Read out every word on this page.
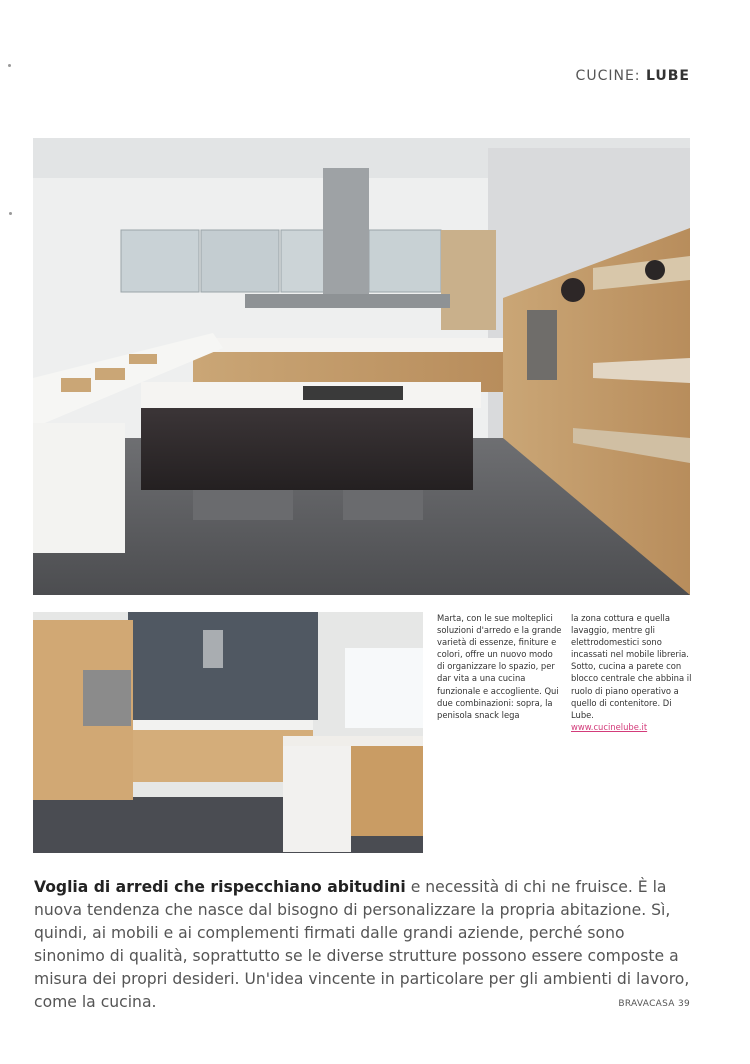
CUCINE: LUBE
Marta, con le sue molteplici soluzioni d'arredo e la grande varietà di essenze, finiture e colori, offre un nuovo modo di organizzare lo spazio, per dar vita a una cucina funzionale e accogliente. Qui due combinazioni: sopra, la penisola snack lega
la zona cottura e quella lavaggio, mentre gli elettrodomestici sono incassati nel mobile libreria. Sotto, cucina a parete con blocco centrale che abbina il ruolo di piano operativo a quello di contenitore. Di Lube.
www.cucinelube.it
Voglia di arredi che rispecchiano abitudini e necessità di chi ne fruisce. È la nuova tendenza che nasce dal bisogno di personalizzare la propria abitazione. Sì, quindi, ai mobili e ai complementi firmati dalle grandi aziende, perché sono sinonimo di qualità, soprattutto se le diverse strutture possono essere composte a misura dei propri desideri. Un'idea vincente in particolare per gli ambienti di lavoro, come la cucina.	BRAVACASA 39
